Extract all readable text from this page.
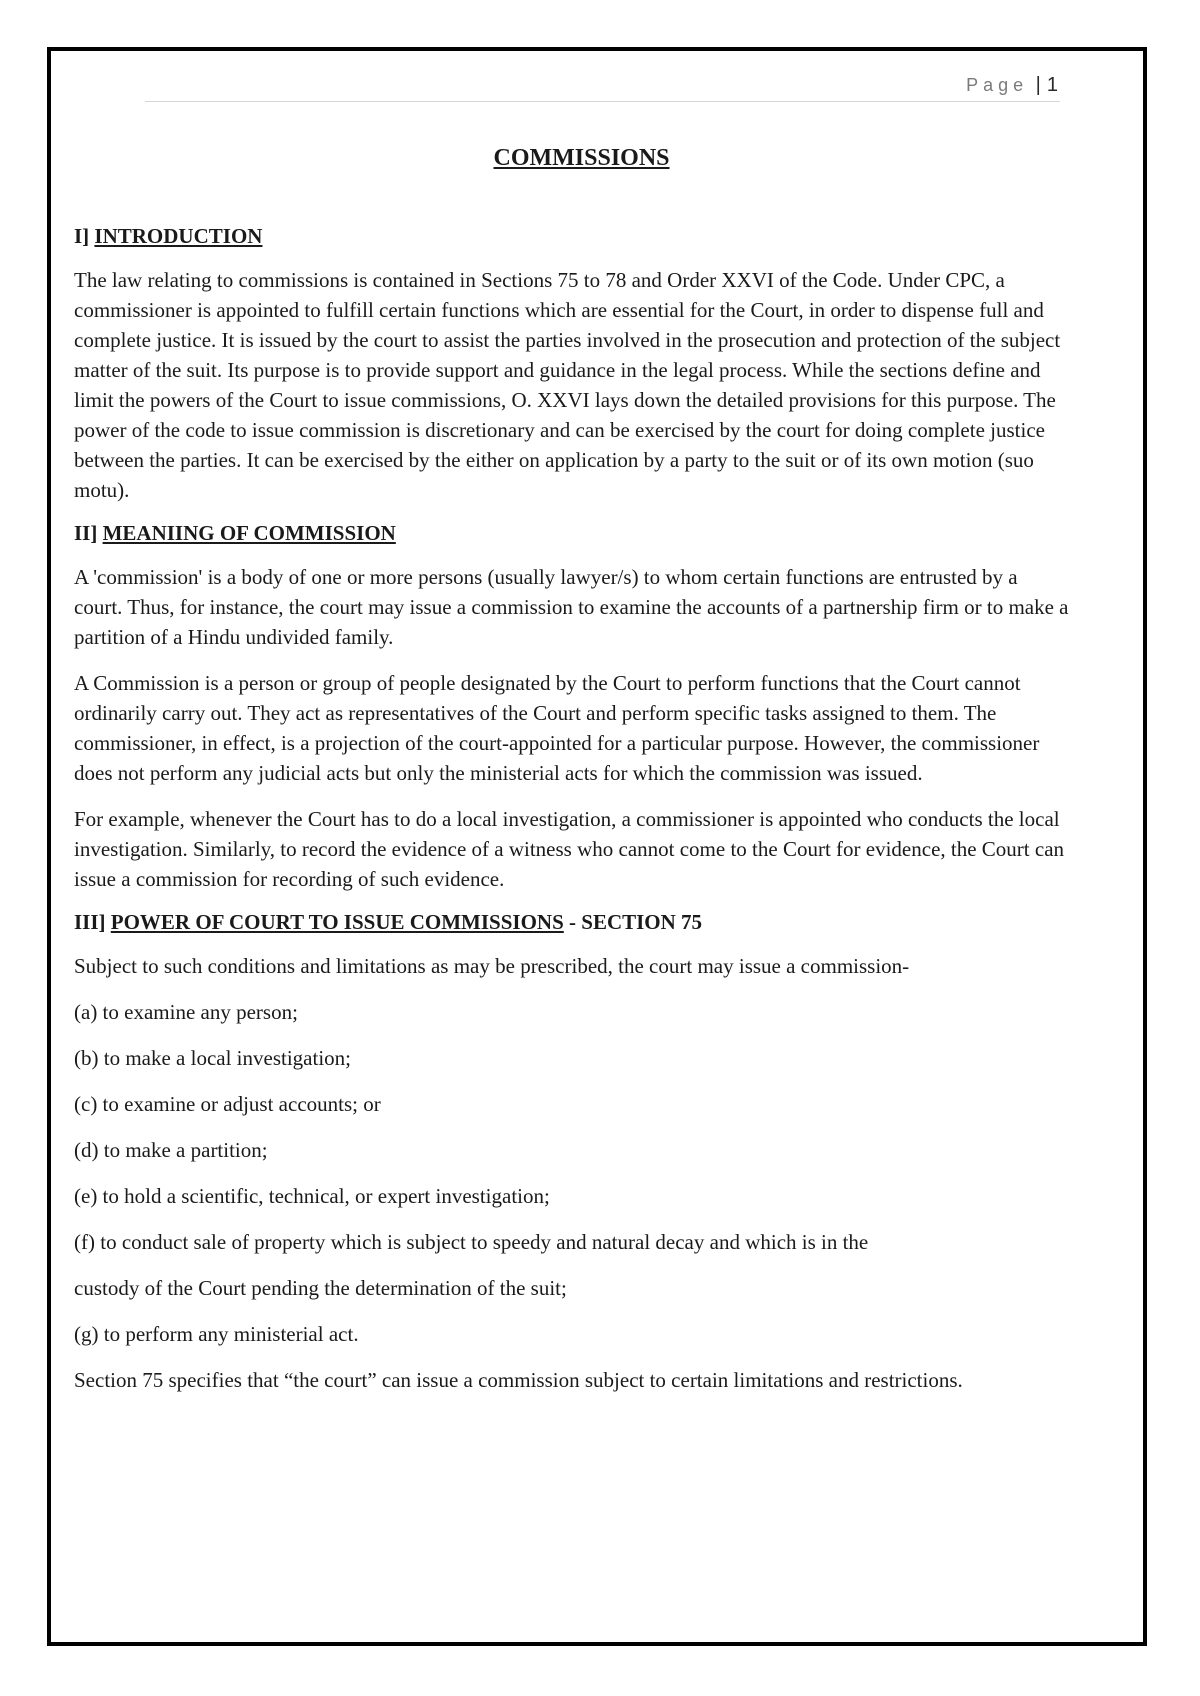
Page | 1
COMMISSIONS
I] INTRODUCTION

The law relating to commissions is contained in Sections 75 to 78 and Order XXVI of the Code. Under CPC, a commissioner is appointed to fulfill certain functions which are essential for the Court, in order to dispense full and complete justice. It is issued by the court to assist the parties involved in the prosecution and protection of the subject matter of the suit. Its purpose is to provide support and guidance in the legal process. While the sections define and limit the powers of the Court to issue commissions, O. XXVI lays down the detailed provisions for this purpose. The power of the code to issue commission is discretionary and can be exercised by the court for doing complete justice between the parties. It can be exercised by the either on application by a party to the suit or of its own motion (suo motu).

II] MEANIING OF COMMISSION

A 'commission' is a body of one or more persons (usually lawyer/s) to whom certain functions are entrusted by a court. Thus, for instance, the court may issue a commission to examine the accounts of a partnership firm or to make a partition of a Hindu undivided family.

A Commission is a person or group of people designated by the Court to perform functions that the Court cannot ordinarily carry out. They act as representatives of the Court and perform specific tasks assigned to them. The commissioner, in effect, is a projection of the court-appointed for a particular purpose. However, the commissioner does not perform any judicial acts but only the ministerial acts for which the commission was issued.

For example, whenever the Court has to do a local investigation, a commissioner is appointed who conducts the local investigation. Similarly, to record the evidence of a witness who cannot come to the Court for evidence, the Court can issue a commission for recording of such evidence.

III] POWER OF COURT TO ISSUE COMMISSIONS - SECTION 75

Subject to such conditions and limitations as may be prescribed, the court may issue a commission-

(a) to examine any person;

(b) to make a local investigation;

(c) to examine or adjust accounts; or

(d) to make a partition;

(e) to hold a scientific, technical, or expert investigation;

(f) to conduct sale of property which is subject to speedy and natural decay and which is in the

custody of the Court pending the determination of the suit;

(g) to perform any ministerial act.

Section 75 specifies that “the court” can issue a commission subject to certain limitations and restrictions.
